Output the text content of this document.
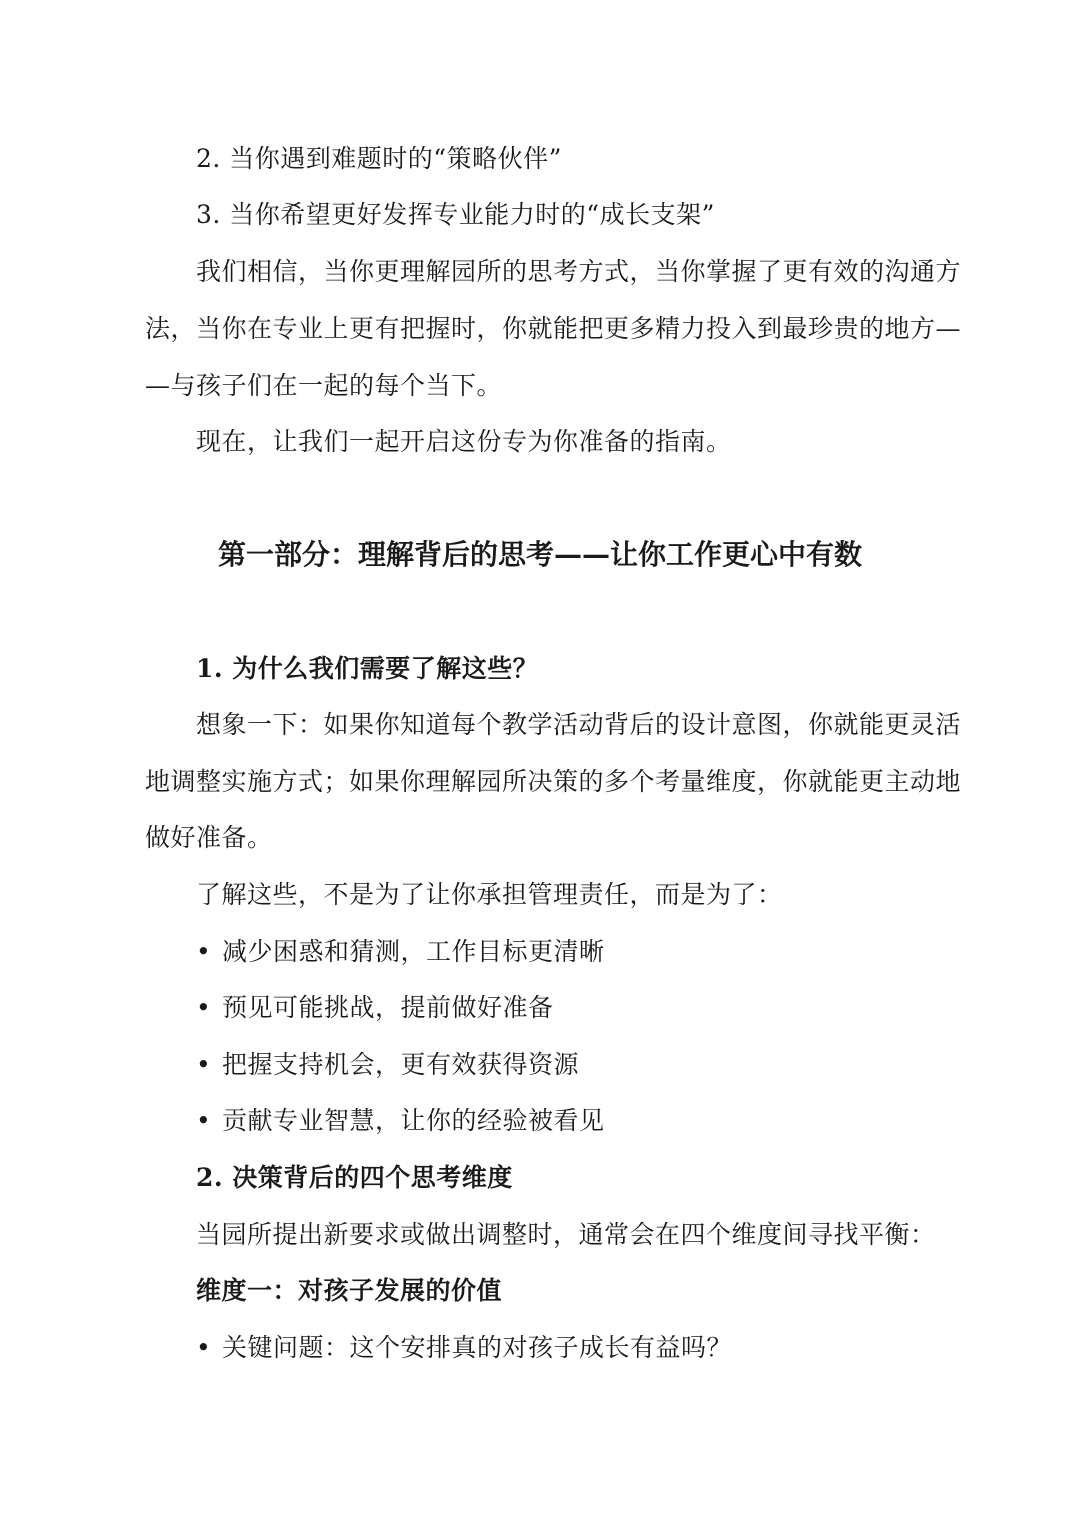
2. 当你遇到难题时的“策略伙伴”
3. 当你希望更好发挥专业能力时的“成长支架”
我们相信，当你更理解园所的思考方式，当你掌握了更有效的沟通方
法，当你在专业上更有把握时，你就能把更多精力投入到最珍贵的地方—
—与孩子们在一起的每个当下。
现在，让我们一起开启这份专为你准备的指南。
第一部分：理解背后的思考——让你工作更心中有数
1. 为什么我们需要了解这些？
想象一下：如果你知道每个教学活动背后的设计意图，你就能更灵活
地调整实施方式；如果你理解园所决策的多个考量维度，你就能更主动地
做好准备。
了解这些，不是为了让你承担管理责任，而是为了：
• 减少困惑和猜测，工作目标更清晰
• 预见可能挑战，提前做好准备
• 把握支持机会，更有效获得资源
• 贡献专业智慧，让你的经验被看见
2. 决策背后的四个思考维度
当园所提出新要求或做出调整时，通常会在四个维度间寻找平衡：
维度一：对孩子发展的价值
• 关键问题：这个安排真的对孩子成长有益吗？
